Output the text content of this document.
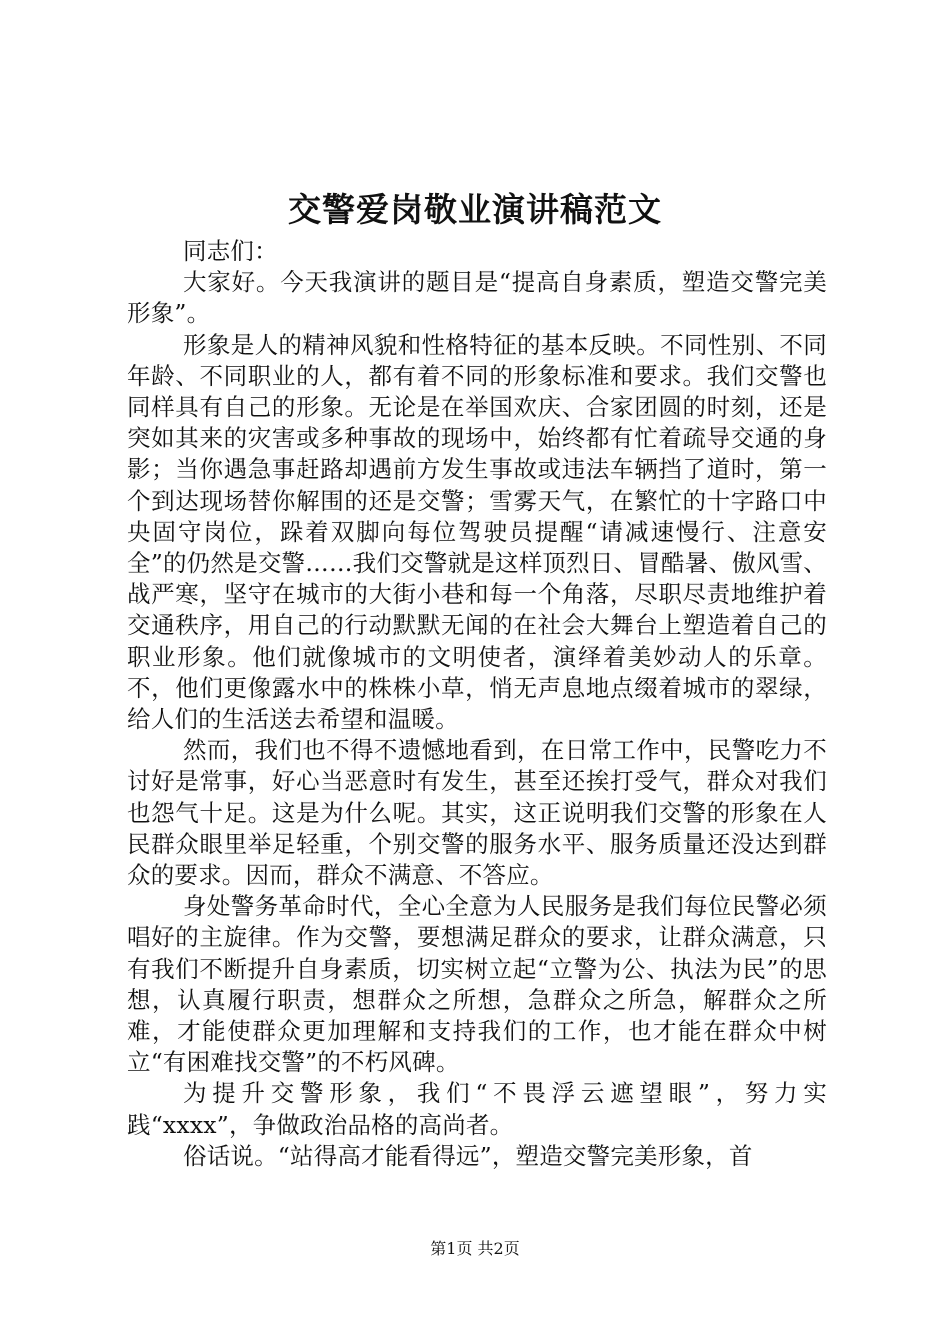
交警爱岗敬业演讲稿范文

同志们：

大家好。今天我演讲的题目是“提高自身素质，塑造交警完美形象”。

形象是人的精神风貌和性格特征的基本反映。不同性别、不同年龄、不同职业的人，都有着不同的形象标准和要求。我们交警也同样具有自己的形象。无论是在举国欢庆、合家团圆的时刻，还是突如其来的灾害或多种事故的现场中，始终都有忙着疏导交通的身影；当你遇急事赶路却遇前方发生事故或违法车辆挡了道时，第一个到达现场替你解围的还是交警；雪雾天气，在繁忙的十字路口中央固守岗位，跺着双脚向每位驾驶员提醒“请减速慢行、注意安全”的仍然是交警……我们交警就是这样顶烈日、冒酷暑、傲风雪、战严寒，坚守在城市的大街小巷和每一个角落，尽职尽责地维护着交通秩序，用自己的行动默默无闻的在社会大舞台上塑造着自己的职业形象。他们就像城市的文明使者，演绎着美妙动人的乐章。不，他们更像露水中的株株小草，悄无声息地点缀着城市的翠绿，给人们的生活送去希望和温暖。

然而，我们也不得不遗憾地看到，在日常工作中，民警吃力不讨好是常事，好心当恶意时有发生，甚至还挨打受气，群众对我们也怨气十足。这是为什么呢。其实，这正说明我们交警的形象在人民群众眼里举足轻重，个别交警的服务水平、服务质量还没达到群众的要求。因而，群众不满意、不答应。

身处警务革命时代，全心全意为人民服务是我们每位民警必须唱好的主旋律。作为交警，要想满足群众的要求，让群众满意，只有我们不断提升自身素质，切实树立起“立警为公、执法为民”的思想，认真履行职责，想群众之所想，急群众之所急，解群众之所难，才能使群众更加理解和支持我们的工作，也才能在群众中树立“有困难找交警”的不朽风碑。

为提升交警形象，我们“不畏浮云遮望眼”，努力实践“xxxx”，争做政治品格的高尚者。

俗话说。“站得高才能看得远”，塑造交警完美形象，首

第1页 共2页
